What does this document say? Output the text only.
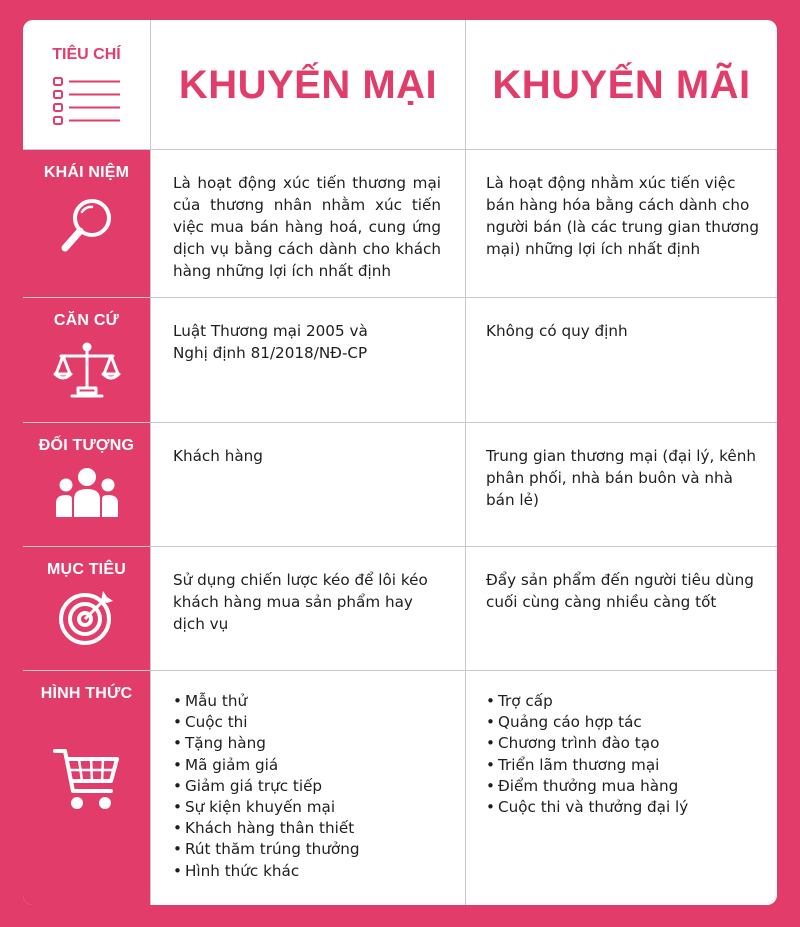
TIÊU CHÍ
KHUYẾN MẠI KHUYẾN MÃI
KHÁI NIỆM
Là hoạt động xúc tiến thương mại của thương nhân nhằm xúc tiến việc mua bán hàng hoá, cung ứng dịch vụ bằng cách dành cho khách hàng những lợi ích nhất định
Là hoạt động nhằm xúc tiến việc bán hàng hóa bằng cách dành cho người bán (là các trung gian thương mại) những lợi ích nhất định
CĂN CỨ
Luật Thương mại 2005 và
Nghị định 81/2018/NĐ-CP
Không có quy định
ĐỐI TƯỢNG
Khách hàng	Trung gian thương mại (đại lý, kênh phân phối, nhà bán buôn và nhà bán lẻ)
MỤC TIÊU
Sử dụng chiến lược kéo để lôi kéo khách hàng mua sản phẩm hay dịch vụ
Đẩy sản phẩm đến người tiêu dùng cuối cùng càng nhiều càng tốt
HÌNH THỨC
•	Mẫu thử
• Cuộc thi
• Tặng hàng
• Mã giảm giá
• Giảm giá trực tiếp
• Sự kiện khuyến mại
• Khách hàng thân thiết
• Rút thăm trúng thưởng
• Hình thức khác
• Trợ cấp
• Quảng cáo hợp tác
• Chương trình đào tạo
• Triển lãm thương mại
• Điểm thưởng mua hàng
• Cuộc thi và thưởng đại lý
